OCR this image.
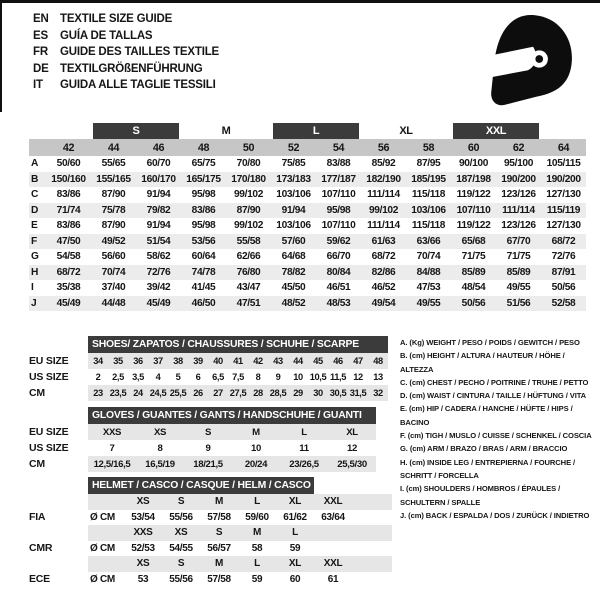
EN TEXTILE SIZE GUIDE
ES	GUÍA DE TALLAS
FR	GUIDE DES TAILLES TEXTILE
DE TEXTILGRÖßENFÜHRUNG
IT	GUIDA ALLE TAGLIE TESSILI
		S		M		L		XL		XXL		
	42	44	46	48	50	52	54	56	58	60	62	64
A	50/60	55/65	60/70	65/75	70/80	75/85	83/88	85/92	87/95	90/100	95/100	105/115
B	150/160	155/165	160/170	165/175	170/180	173/183	177/187	182/190	185/195	187/198	190/200	190/200
C	83/86	87/90	91/94	95/98	99/102	103/106	107/110	111/114	115/118	119/122	123/126	127/130
D	71/74	75/78	79/82	83/86	87/90	91/94	95/98	99/102	103/106	107/110	111/114	115/119
E	83/86	87/90	91/94	95/98	99/102	103/106	107/110	111/114	115/118	119/122	123/126	127/130
F	47/50	49/52	51/54	53/56	55/58	57/60	59/62	61/63	63/66	65/68	67/70	68/72
G	54/58	56/60	58/62	60/64	62/66	64/68	66/70	68/72	70/74	71/75	71/75	72/76
H	68/72	70/74	72/76	74/78	76/80	78/82	80/84	82/86	84/88	85/89	85/89	87/91
I	35/38	37/40	39/42	41/45	43/47	45/50	46/51	46/52	47/53	48/54	49/55	50/56
J	45/49	44/48	45/49	46/50	47/51	48/52	48/53	49/54	49/55	50/56	51/56	52/58
	SHOES/ ZAPATOS / CHAUSSURES / SCHUHE / SCARPE														
EU SIZE	34	35	36	37	38	39	40	41	42	43	44	45	46	47	48
US SIZE	2	2,5	3,5	4	5	6	6,5	7,5	8	9	10	10,5	11,5	12	13
CM	23	23,5	24	24,5	25,5	26	27	27,5	28	28,5	29	30	30,5	31,5	32
	GLOVES / GUANTES / GANTS / HANDSCHUHE / GUANTI					
EU SIZE	XXS	XS	S	M	L	XL
US SIZE	7	8	9	10	11	12
CM	12,5/16,5	16,5/19	18/21,5	20/24	23/26,5	25,5/30
	HELMET / CASCO / CASQUE / HELM / CASCO							
		XS	S	M	L	XL	XXL	
FIA	Ø CM	53/54	55/56	57/58	59/60	61/62	63/64	
		XXS	XS	S	M	L		
CMR	Ø CM	52/53	54/55	56/57	58	59		
		XS	S	M	L	XL	XXL	
ECE	Ø CM	53	55/56	57/58	59	60	61	
A. (Kg) WEIGHT / PESO / POIDS / GEWITCH / PESO
B. (cm) HEIGHT / ALTURA / HAUTEUR / HÖHE / ALTEZZA
C. (cm) CHEST / PECHO / POITRINE / TRUHE / PETTO
D. (cm) WAIST / CINTURA / TAILLE / HÜFTUNG / VITA
E. (cm) HIP / CADERA / HANCHE / HÜFTE / HIPS / BACINO
F. (cm) TIGH / MUSLO / CUISSE / SCHENKEL / COSCIA
G. (cm) ARM / BRAZO / BRAS / ARM / BRACCIO
H. (cm) INSIDE LEG / ENTREPIERNA / FOURCHE / SCHRITT / FORCELLA
I. (cm) SHOULDERS / HOMBROS / ÉPAULES / SCHULTERN / SPALLE
J. (cm) BACK / ESPALDA / DOS / ZURÜCK / INDIETRO
